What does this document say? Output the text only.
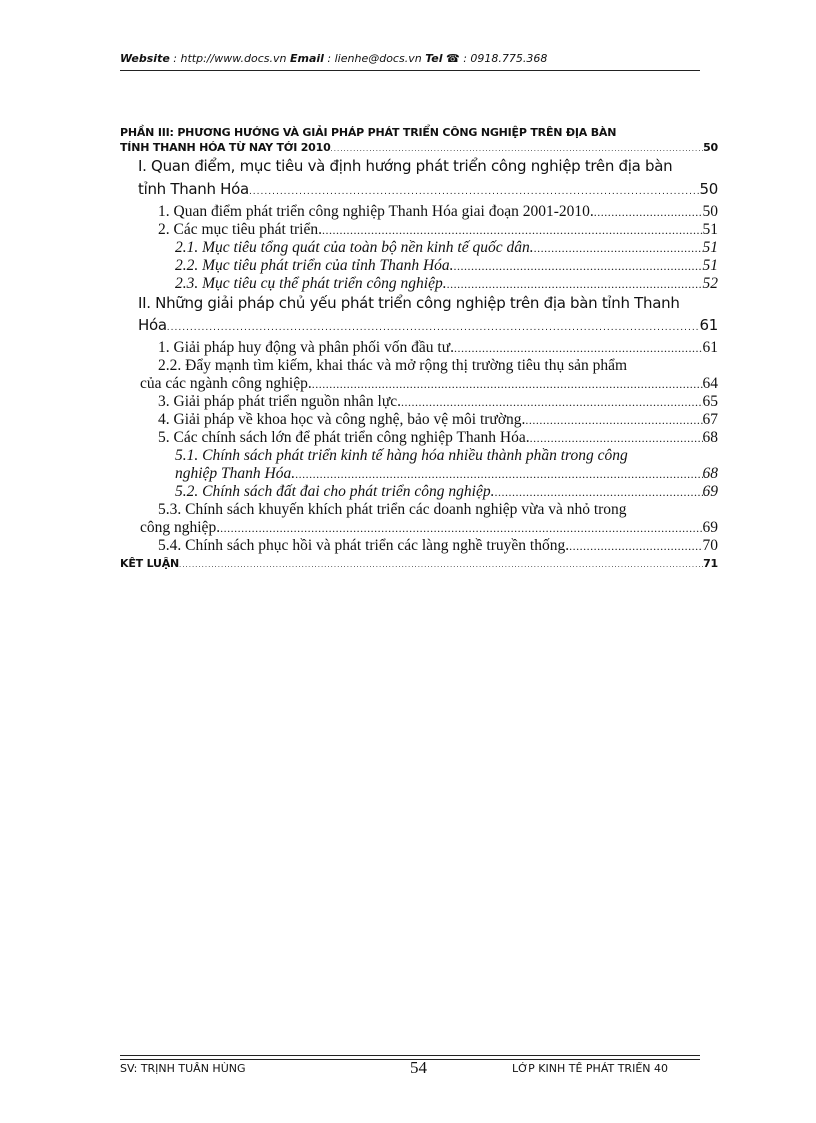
Website : http://www.docs.vn Email : lienhe@docs.vn Tel ☎ : 0918.775.368
PHẦN III: PHƯƠNG HƯỚNG VÀ GIẢI PHÁP PHÁT TRIỂN CÔNG NGHIỆP TRÊN ĐỊA BÀN
TỈNH THANH HÓA TỪ NAY TỚI 2010 .....	50
I. Quan điểm, mục tiêu và định hướng phát triển công nghiệp trên địa bàn
tỉnh Thanh Hóa .....	50
1. Quan điểm phát triển công nghiệp Thanh Hóa giai đoạn 2001-2010. .....	50
2. Các mục tiêu phát triển. .....	51
2.1. Mục tiêu tổng quát của toàn bộ nền kinh tế quốc dân. .....	51
2.2. Mục tiêu phát triển của tỉnh Thanh Hóa. .....	51
2.3. Mục tiêu cụ thể phát triển công nghiệp. .....	52
II. Những giải pháp chủ yếu phát triển công nghiệp trên địa bàn tỉnh Thanh
Hóa .....	61
1. Giải pháp huy động và phân phối vốn đầu tư. .....	61
2.2. Đẩy mạnh tìm kiếm, khai thác và mở rộng thị trường tiêu thụ sản phẩm
của các ngành công nghiệp. .....	64
3. Giải pháp phát triển nguồn nhân lực. .....	65
4. Giải pháp về khoa học và công nghệ, bảo vệ môi trường. .....	67
5. Các chính sách lớn để phát triển công nghiệp Thanh Hóa. .....	68
5.1. Chính sách phát triển kinh tế hàng hóa nhiều thành phần trong công
nghiệp Thanh Hóa. .....	68
5.2. Chính sách đất đai cho phát triển công nghiệp. .....	69
5.3. Chính sách khuyến khích phát triển các doanh nghiệp vừa và nhỏ trong
công nghiệp. .....	69
5.4. Chính sách phục hồi và phát triển các làng nghề truyền thống. .....	70
KẾT LUẬN .....	71
SV: TRỊNH TUẤN HÙNG	54	LỚP KINH TẾ PHÁT TRIỂN 40
